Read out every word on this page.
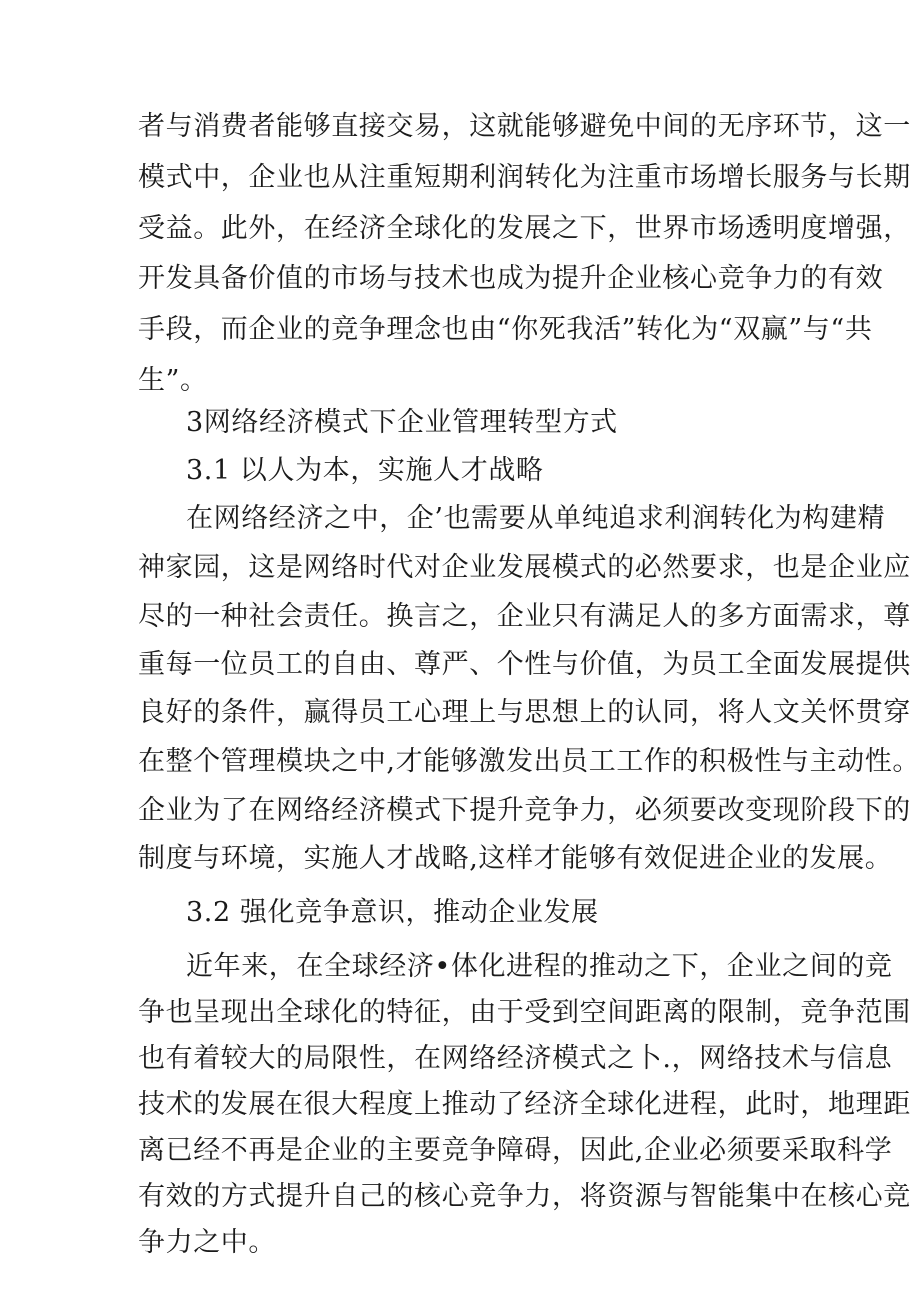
者与消费者能够直接交易，这就能够避免中间的无序环节，这一
模式中，企业也从注重短期利润转化为注重市场增长服务与长期
受益。此外，在经济全球化的发展之下，世界市场透明度增强，
开发具备价值的市场与技术也成为提升企业核心竞争力的有效
手段，而企业的竞争理念也由“你死我活”转化为“双赢”与“共
生”。
3网络经济模式下企业管理转型方式
3.1 以人为本，实施人才战略
在网络经济之中，企’也需要从单纯追求利润转化为构建精
神家园，这是网络时代对企业发展模式的必然要求，也是企业应
尽的一种社会责任。换言之，企业只有满足人的多方面需求，尊
重每一位员工的自由、尊严、个性与价值，为员工全面发展提供
良好的条件，赢得员工心理上与思想上的认同，将人文关怀贯穿
在整个管理模块之中,才能够激发出员工工作的积极性与主动性。
企业为了在网络经济模式下提升竞争力，必须要改变现阶段下的
制度与环境，实施人才战略,这样才能够有效促进企业的发展。
3.2 强化竞争意识，推动企业发展
近年来，在全球经济•体化进程的推动之下，企业之间的竞
争也呈现出全球化的特征，由于受到空间距离的限制，竞争范围
也有着较大的局限性，在网络经济模式之卜.，网络技术与信息
技术的发展在很大程度上推动了经济全球化进程，此时，地理距
离已经不再是企业的主要竞争障碍，因此,企业必须要采取科学
有效的方式提升自己的核心竞争力，将资源与智能集中在核心竞
争力之中。
